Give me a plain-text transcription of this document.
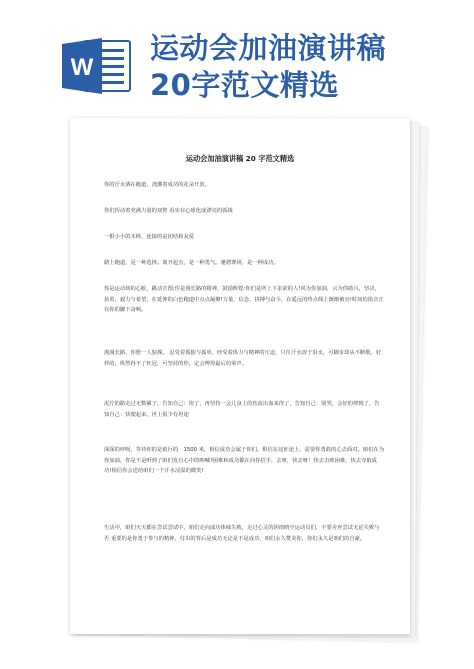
W
运动会加油演讲稿
20字范文精选
运动会加油演讲稿 20 字范文精选
你的汗水洒在跑道，浇灌着成功的花朵开放。
你们挥动着充满力量的双臂 看实在心球化成漂亮的弧线
一根小小的木棒，连接的是团结和友爱
踏上跑道，是一种选择。离开起点，是一种勇气。驰骋赛场，是一种成功。
你是运动场的心脏，跳动宣图:你是漫长路的精神，鼓励辉煌:你们是所上下求索的人!风为你加油，云为你助兴，坚决，执着，毅力与希望，在延伸的白色跑道中点点凝聚!力量，信念，拼搏与奋斗，在遥远的终点线上渐渐被亮!时间的指音正在你的脚下奋响。
漫漫长路，你册一人独撑。 忍受着孤独与孤单，经受着体力与精神的压迫，只任汗水溶于泪水，可脚步却从不断歌，好样的，纵然得不了枉冠，可坚持的你，定会博得最后的掌声。
泥泞的路走过无数累了，告知自己：快了，再坚持一会儿身上的伤流出血来得了，告知自己：别哭，会好的摔到了，告知自己：快爬起来，世上很少有坦途
深深的呼吸，等待你的是艰巨的　1500 米，相信成功会属于你们。相信在这征途上，需要你勇敢的心去面对。咱们在为你加油，你是不是听到了咱们发自心中的呐喊?困难和成功都在向你招手，去呀，快去呀！快去击败困难，快去夺取成功!相信你会送给咱们一个汗水浸湿的微笑!
生活中，咱们天天都在尝试尝试中，咱们走向成功体味失败，走过心灵的阴雨晴空运动员们，不要舍弃尝试无论失败与否 重要的是你勇于参与的精神，付出的背后是成功无论是不是成功，咱们永久赞美你，你们永久是咱们的自豪。
